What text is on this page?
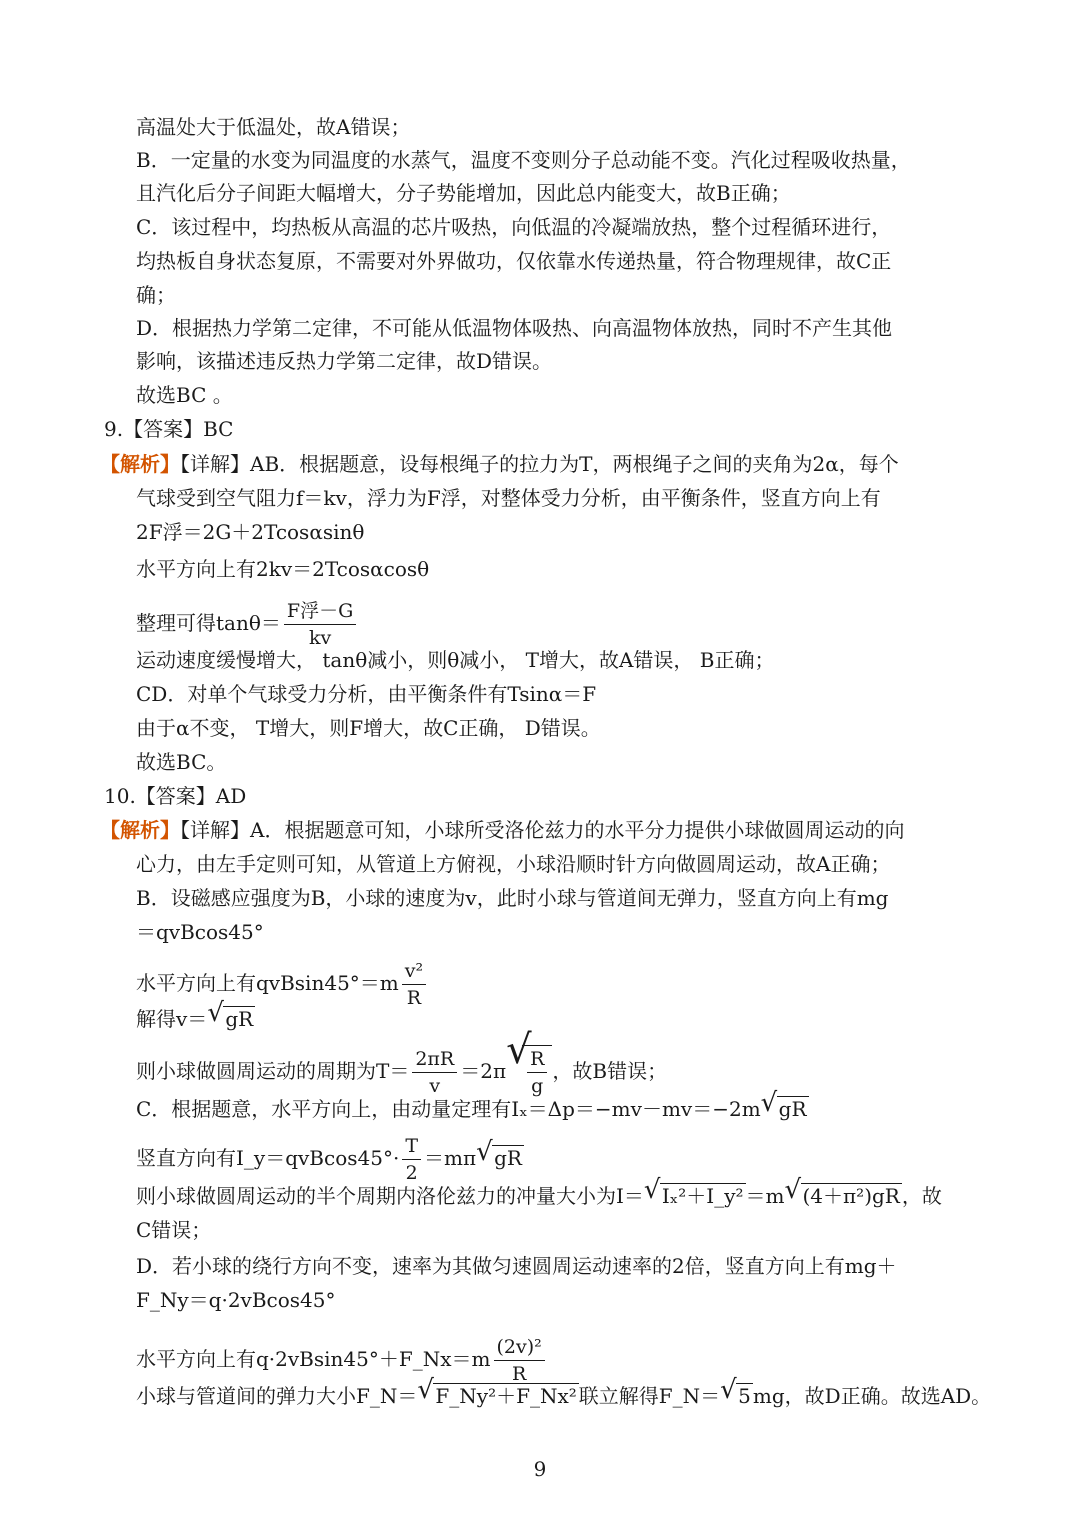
高温处大于低温处，故A错误；
B．一定量的水变为同温度的水蒸气，温度不变则分子总动能不变。汽化过程吸收热量，
且汽化后分子间距大幅增大，分子势能增加，因此总内能变大，故B正确；
C．该过程中，均热板从高温的芯片吸热，向低温的冷凝端放热，整个过程循环进行，
均热板自身状态复原，不需要对外界做功，仅依靠水传递热量，符合物理规律，故C正
确；
D．根据热力学第二定律，不可能从低温物体吸热、向高温物体放热，同时不产生其他
影响，该描述违反热力学第二定律，故D错误。
故选BC 。
9.【答案】BC
【解析】【详解】AB．根据题意，设每根绳子的拉力为T，两根绳子之间的夹角为2α，每个
气球受到空气阻力f＝kv，浮力为F浮，对整体受力分析，由平衡条件，竖直方向上有
2F浮＝2G＋2Tcosαsinθ
水平方向上有2kv＝2Tcosαcosθ
整理可得$\tan\theta= \frac{\text{F浮－G}}{kv}$
运动速度缓慢增大， tanθ减小，则θ减小， T增大，故A错误， B正确；
CD．对单个气球受力分析，由平衡条件有Tsinα＝F
由于α不变， T增大，则F增大，故C正确， D错误。
故选BC。
10.【答案】AD
【解析】【详解】A．根据题意可知，小球所受洛伦兹力的水平分力提供小球做圆周运动的向
心力，由左手定则可知，从管道上方俯视，小球沿顺时针方向做圆周运动，故A正确；
B．设磁感应强度为B，小球的速度为v，此时小球与管道间无弹力，竖直方向上有mg
＝qvBcos45°
水平方向上有$qvBsin45^\circ=m \frac{\text{v²}}{R}$
解得v＝ √ gR
则小球做圆周运动的周期为$T= \frac{2\pi R}{v} =2\pi$ √
$\frac{R}{g}$ ，故B错误；
C．根据题意，水平方向上，由动量定理有Iₓ＝Δp＝−mv－mv＝−2m √ gR
竖直方向有I_y＝qvBcos45°· $\frac{T}{2} =m\pi$ √ gR
则小球做圆周运动的半个周期内洛伦兹力的冲量大小为I＝ √ Iₓ²＋I_y² ＝m √ (4＋π²)gR ，故
C错误；
D．若小球的绕行方向不变，速率为其做匀速圆周运动速率的2倍，竖直方向上有mg＋
F_Ny＝q·2vBcos45°
水平方向上有q·2vBsin45°＋F_Nx＝m $\frac{\text{(2v)²}}{R}$
小球与管道间的弹力大小F_N＝ √ F_Ny²＋F_Nx² 联立解得F_N＝ √ 5 mg，故D正确。故选AD。
9
